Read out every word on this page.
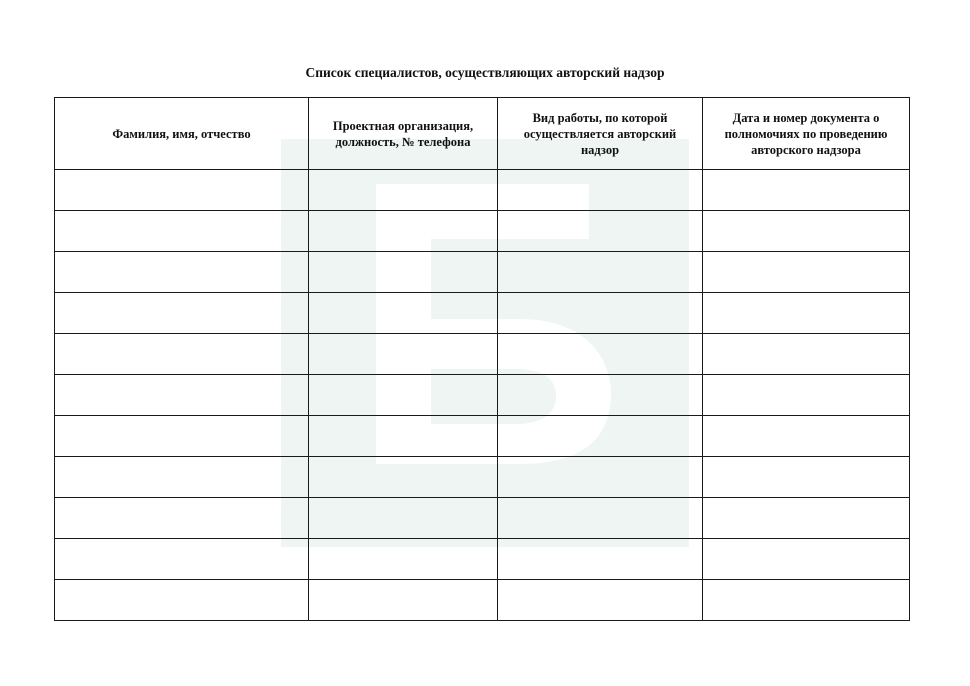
Список специалистов, осуществляющих авторский надзор
Фамилия, имя, отчество	Проектная организация, должность, № телефона	Вид работы, по которой осуществляется авторский надзор	Дата и номер документа о полномочиях по проведению авторского надзора
